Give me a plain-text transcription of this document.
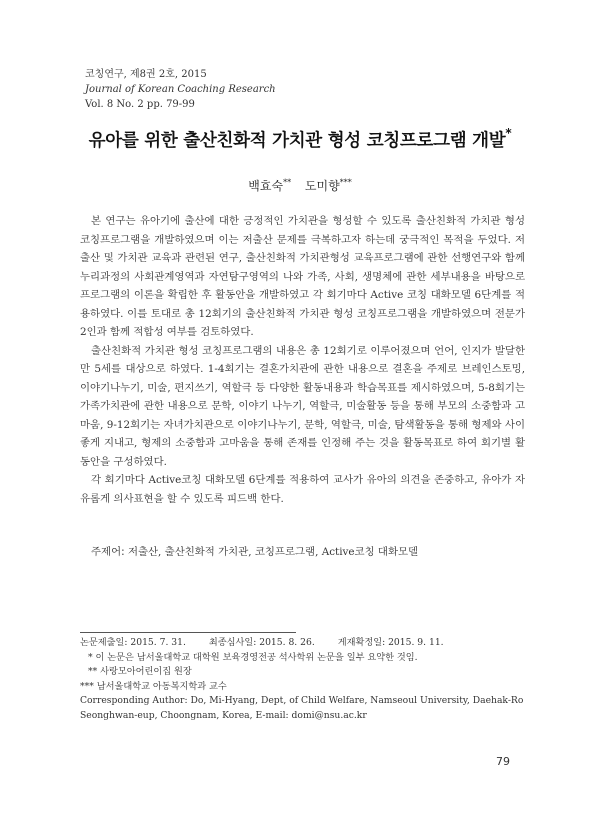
코칭연구, 제8권 2호, 2015
Journal of Korean Coaching Research
Vol. 8 No. 2 pp. 79-99
유아를 위한 출산친화적 가치관 형성 코칭프로그램 개발*
백효숙** 도미향***

본 연구는 유아기에 출산에 대한 긍정적인 가치관을 형성할 수 있도록 출산친화적 가치관 형성 코칭프로그램을 개발하였으며 이는 저출산 문제를 극복하고자 하는데 궁극적인 목적을 두었다. 저출산 및 가치관 교육과 관련된 연구, 출산친화적 가치관형성 교육프로그램에 관한 선행연구와 함께 누리과정의 사회관계영역과 자연탐구영역의 나와 가족, 사회, 생명체에 관한 세부내용을 바탕으로 프로그램의 이론을 확립한 후 활동안을 개발하였고 각 회기마다 Active 코칭 대화모델 6단계를 적용하였다. 이를 토대로 총 12회기의 출산친화적 가치관 형성 코칭프로그램을 개발하였으며 전문가 2인과 함께 적합성 여부를 검토하였다.

출산친화적 가치관 형성 코칭프로그램의 내용은 총 12회기로 이루어졌으며 언어, 인지가 발달한 만 5세를 대상으로 하였다. 1-4회기는 결혼가치관에 관한 내용으로 결혼을 주제로 브레인스토밍, 이야기나누기, 미술, 편지쓰기, 역할극 등 다양한 활동내용과 학습목표를 제시하였으며, 5-8회기는 가족가치관에 관한 내용으로 문학, 이야기 나누기, 역할극, 미술활동 등을 통해 부모의 소중함과 고마움, 9-12회기는 자녀가치관으로 이야기나누기, 문학, 역할극, 미술, 탐색활동을 통해 형제와 사이좋게 지내고, 형제의 소중함과 고마움을 통해 존재를 인정해 주는 것을 활동목표로 하여 회기별 활동안을 구성하였다.

각 회기마다 Active코칭 대화모델 6단계를 적용하여 교사가 유아의 의견을 존중하고, 유아가 자유롭게 의사표현을 할 수 있도록 피드백 한다.

주제어: 저출산, 출산친화적 가치관, 코칭프로그램, Active코칭 대화모델
논문제출일: 2015. 7. 31. 최종심사일: 2015. 8. 26. 게재확정일: 2015. 9. 11.
* 이 논문은 남서울대학교 대학원 보육경영전공 석사학위 논문을 일부 요약한 것임.
** 사랑모아어린이집 원장
*** 남서울대학교 아동복지학과 교수
Corresponding Author: Do, Mi-Hyang, Dept, of Child Welfare, Namseoul University, Daehak-Ro
Seonghwan-eup, Choongnam, Korea, E-mail: domi@nsu.ac.kr
79
